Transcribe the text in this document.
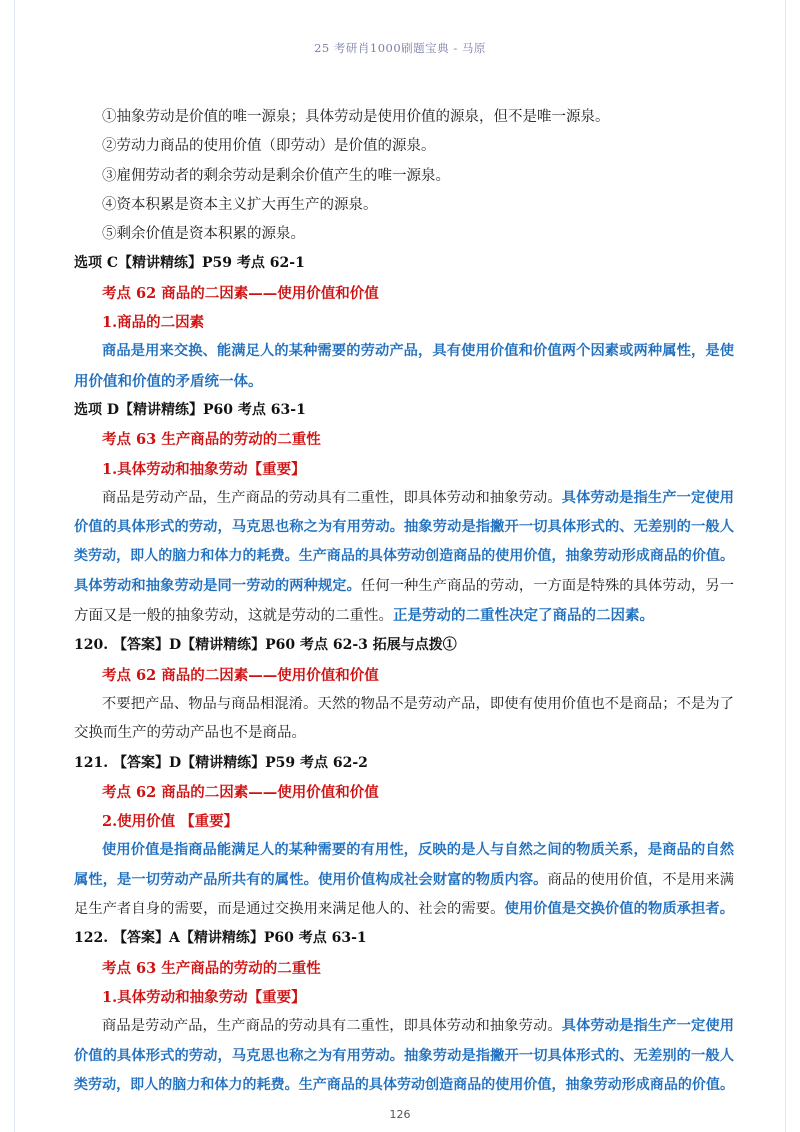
25 考研肖1000刷题宝典 - 马原
①抽象劳动是价值的唯一源泉；具体劳动是使用价值的源泉，但不是唯一源泉。
②劳动力商品的使用价值（即劳动）是价值的源泉。
③雇佣劳动者的剩余劳动是剩余价值产生的唯一源泉。
④资本积累是资本主义扩大再生产的源泉。
⑤剩余价值是资本积累的源泉。
选项 C【精讲精练】P59 考点 62-1
考点 62 商品的二因素——使用价值和价值
1.商品的二因素
商品是用来交换、能满足人的某种需要的劳动产品，具有使用价值和价值两个因素或两种属性，是使
用价值和价值的矛盾统一体。
选项 D【精讲精练】P60 考点 63-1
考点 63 生产商品的劳动的二重性
1.具体劳动和抽象劳动【重要】
商品是劳动产品，生产商品的劳动具有二重性，即具体劳动和抽象劳动。具体劳动是指生产一定使用
价值的具体形式的劳动，马克思也称之为有用劳动。抽象劳动是指撇开一切具体形式的、无差别的一般人
类劳动，即人的脑力和体力的耗费。生产商品的具体劳动创造商品的使用价值，抽象劳动形成商品的价值。
具体劳动和抽象劳动是同一劳动的两种规定。任何一种生产商品的劳动，一方面是特殊的具体劳动，另一
方面又是一般的抽象劳动，这就是劳动的二重性。正是劳动的二重性决定了商品的二因素。
120. 【答案】D【精讲精练】P60 考点 62-3 拓展与点拨①
考点 62 商品的二因素——使用价值和价值
不要把产品、物品与商品相混淆。天然的物品不是劳动产品，即使有使用价值也不是商品；不是为了
交换而生产的劳动产品也不是商品。
121. 【答案】D【精讲精练】P59 考点 62-2
考点 62 商品的二因素——使用价值和价值
2.使用价值 【重要】
使用价值是指商品能满足人的某种需要的有用性，反映的是人与自然之间的物质关系，是商品的自然
属性，是一切劳动产品所共有的属性。使用价值构成社会财富的物质内容。商品的使用价值，不是用来满
足生产者自身的需要，而是通过交换用来满足他人的、社会的需要。使用价值是交换价值的物质承担者。
122. 【答案】A【精讲精练】P60 考点 63-1
考点 63 生产商品的劳动的二重性
1.具体劳动和抽象劳动【重要】
商品是劳动产品，生产商品的劳动具有二重性，即具体劳动和抽象劳动。具体劳动是指生产一定使用
价值的具体形式的劳动，马克思也称之为有用劳动。抽象劳动是指撇开一切具体形式的、无差别的一般人
类劳动，即人的脑力和体力的耗费。生产商品的具体劳动创造商品的使用价值，抽象劳动形成商品的价值。
126
